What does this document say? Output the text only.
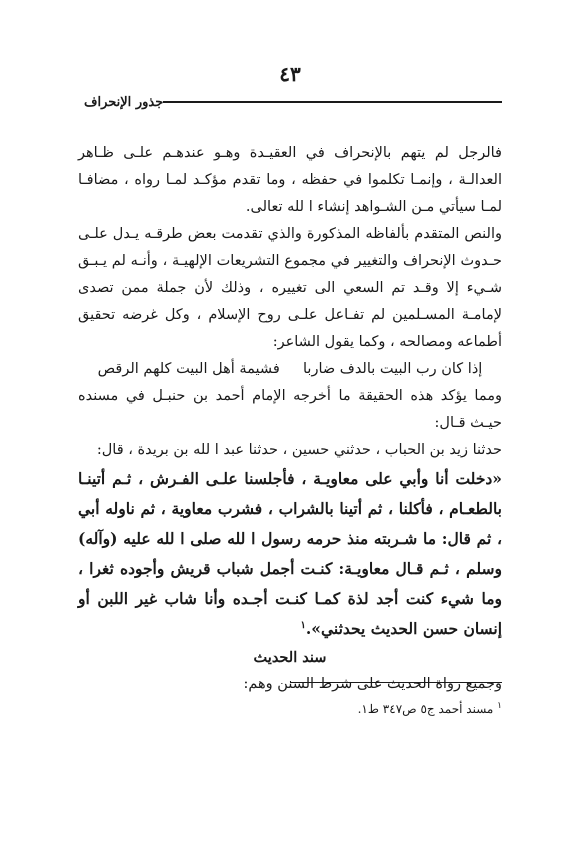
٤٣
جذور الإنحراف

فالرجل لم يتهم بالإنحراف في العقيـدة وهـو عندهـم علـى ظـاهر العدالـة ، وإنمـا تكلموا في حفظه ، وما تقدم مؤكـد لمـا رواه ، مضافـا لمـا سيأتي مـن الشـواهد إنشاء ا لله تعالى.

والنص المتقدم بألفاظه المذكورة والذي تقدمت بعض طرقـه يـدل علـى حـدوث الإنحراف والتغيير في مجموع التشريعات الإلهيـة ، وأنـه لم يـبـق شـيء إلا وقـد تم السعي الى تغييره ، وذلك لأن جملة ممن تصدى لإمامـة المسـلمين لم تفـاعل علـى روح الإسلام ، وكل غرضه تحقيق أطماعه ومصالحه ، وكما يقول الشاعر:

إذا كان رب البيت بالدف ضاربا  فشيمة أهل البيت كلهم الرقص

ومما يؤكد هذه الحقيقة ما أخرجه الإمام أحمد بن حنبـل في مسنده حيـث قـال:

حدثنا زيد بن الحباب ، حدثني حسين ، حدثنا عبد ا لله بن بريدة ، قال:

«دخلت أنا وأبي على معاويـة ، فأجلسنا علـى الفـرش ، ثـم أتينـا بالطعـام ، فأكلنا ، ثم أتينا بالشراب ، فشرب معاوية ، ثم ناوله أبي ، ثم قال: ما شـربته منذ حرمه رسول ا لله صلى ا لله عليه (وآله) وسلم ، ثـم قـال معاويـة: كنـت أجمل شباب قريش وأجوده ثغرا ، وما شيء كنت أجد لذة كمـا كنـت أجـده وأنا شاب غير اللبن أو إنسان حسن الحديث يحدثني».$^١$

سند الحديث

وجميع رواة الحديث على شرط السنن وهم:

$^١$ مسند أحمد ج٥ ص٣٤٧ ط١.
